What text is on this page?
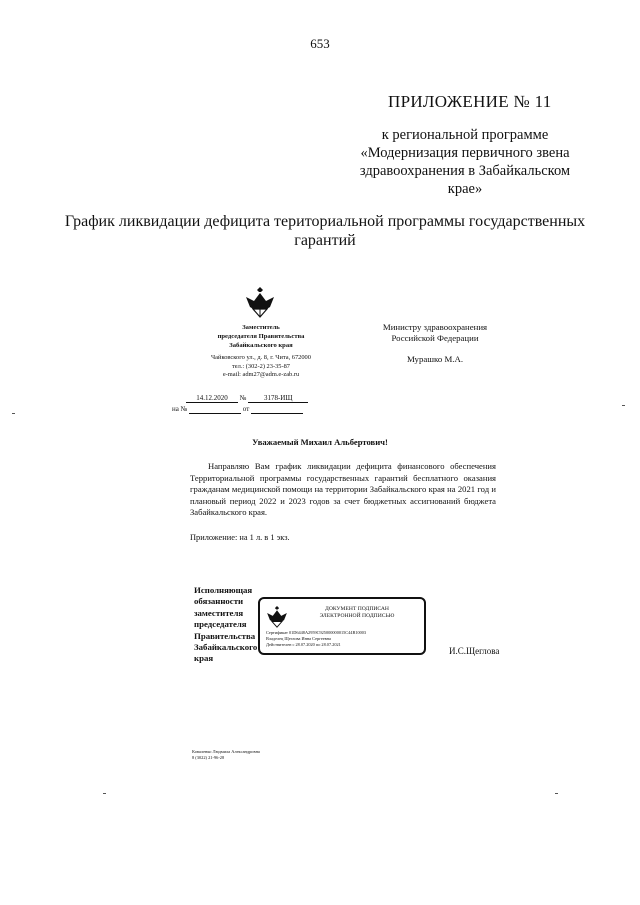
653
ПРИЛОЖЕНИЕ № 11
к региональной программе
«Модернизация первичного звена
здравоохранения в Забайкальском
крае»
График ликвидации дефицита териториальной программы государственных гарантий
Заместитель
председателя Правительства
Забайкальского края
Чайковского ул., д. 8, г. Чита, 672000
тел.: (302-2) 23-35-87
e-mail: adm27@adm.e-zab.ru
Министру здравоохранения
Российской Федерации
Мурашко М.А.
14.12.2020 №	3178-ИЩ
на №	от
Уважаемый Михаил Альбертович!
Направляю Вам график ликвидации дефицита финансового обеспечения Территориальной программы государственных гарантий бесплатного оказания гражданам медицинской помощи на территории Забайкальского края на 2021 год и плановый период 2022 и 2023 годов за счет бюджетных ассигнований бюджета Забайкальского края.
Приложение: на 1 л. в 1 экз.
Исполняющая
обязанности
заместителя
председателя
Правительства
Забайкальского
края
ДОКУМЕНТ ПОДПИСАН
ЭЛЕКТРОННОЙ ПОДПИСЬЮ
Сертификат 01D6448A2959C925000000015C44B10003
Владелец Щеглова Инна Сергеевна
Действителен с 28.07.2020 по 28.07.2021
И.С.Щеглова
Коваленко Людмила Александровна
8 (3022) 21-96-28
